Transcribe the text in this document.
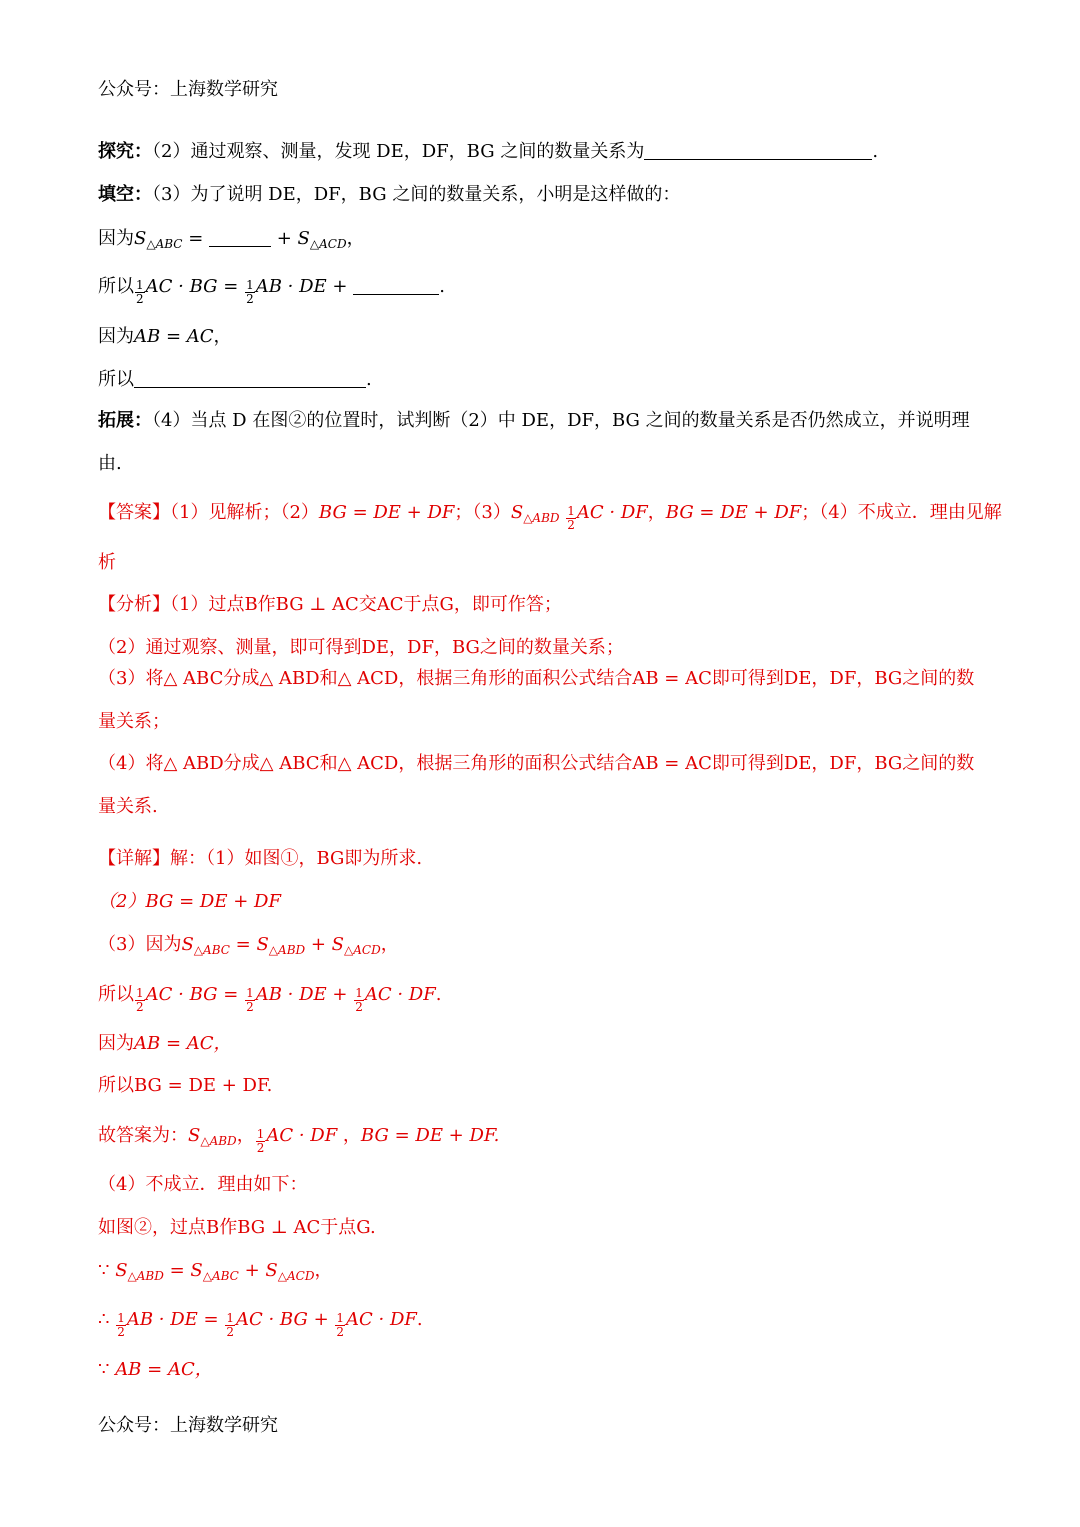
公众号：上海数学研究
探究：（2）通过观察、测量，发现 DE，DF，BG 之间的数量关系为	.
填空：（3）为了说明 DE，DF，BG 之间的数量关系，小明是这样做的：
因为$S_{\triangle ABC}$ =	+ $S_{\triangle ACD}$，
所以 $\frac{1}{2}$ AC · BG = $\frac{1}{2}$ AB · DE +	.
因为AB = AC，
所以	.
拓展：（4）当点 D 在图②的位置时，试判断（2）中 DE，DF，BG 之间的数量关系是否仍然成立，并说明理由.
【答案】（1）见解析；（2）BG = DE + DF；$(3)S_{\triangle ABD} \frac{1}{2}$ AC · DF，BG = DE + DF；（4）不成立．理由见解
析
【分析】（1）过点B作BG ⊥ AC交AC于点G，即可作答；
（2）通过观察、测量，即可得到DE，DF，BG之间的数量关系；
（3）将△ ABC分成△ ABD和△ ACD，根据三角形的面积公式结合AB = AC即可得到DE，DF，BG之间的数量关系；
（4）将△ ABD分成△ ABC和△ ACD，根据三角形的面积公式结合AB = AC即可得到DE，DF，BG之间的数量关系.
【详解】解：（1）如图①，BG即为所求.
（2）BG = DE + DF
（3）因为$S_{\triangle ABC} = S_{\triangle ABD} + S_{\triangle ACD}$，
所以 $\frac{1}{2}$ AC · BG = $\frac{1}{2}$ AB · DE + $\frac{1}{2}$ AC · DF.
因为AB = AC，
所以BG = DE + DF.
故答案为：$S_{\triangle ABD}$， $\frac{1}{2}$ AC · DF ，BG = DE + DF.
（4）不成立．理由如下：
如图②，过点B作BG ⊥ AC于点G.
∵ $S_{\triangle ABD} = S_{\triangle ABC} + S_{\triangle ACD}$，
∴ $\frac{1}{2}$ AB · DE = $\frac{1}{2}$ AC · BG + $\frac{1}{2}$ AC · DF.
∵ AB = AC，
公众号：上海数学研究
